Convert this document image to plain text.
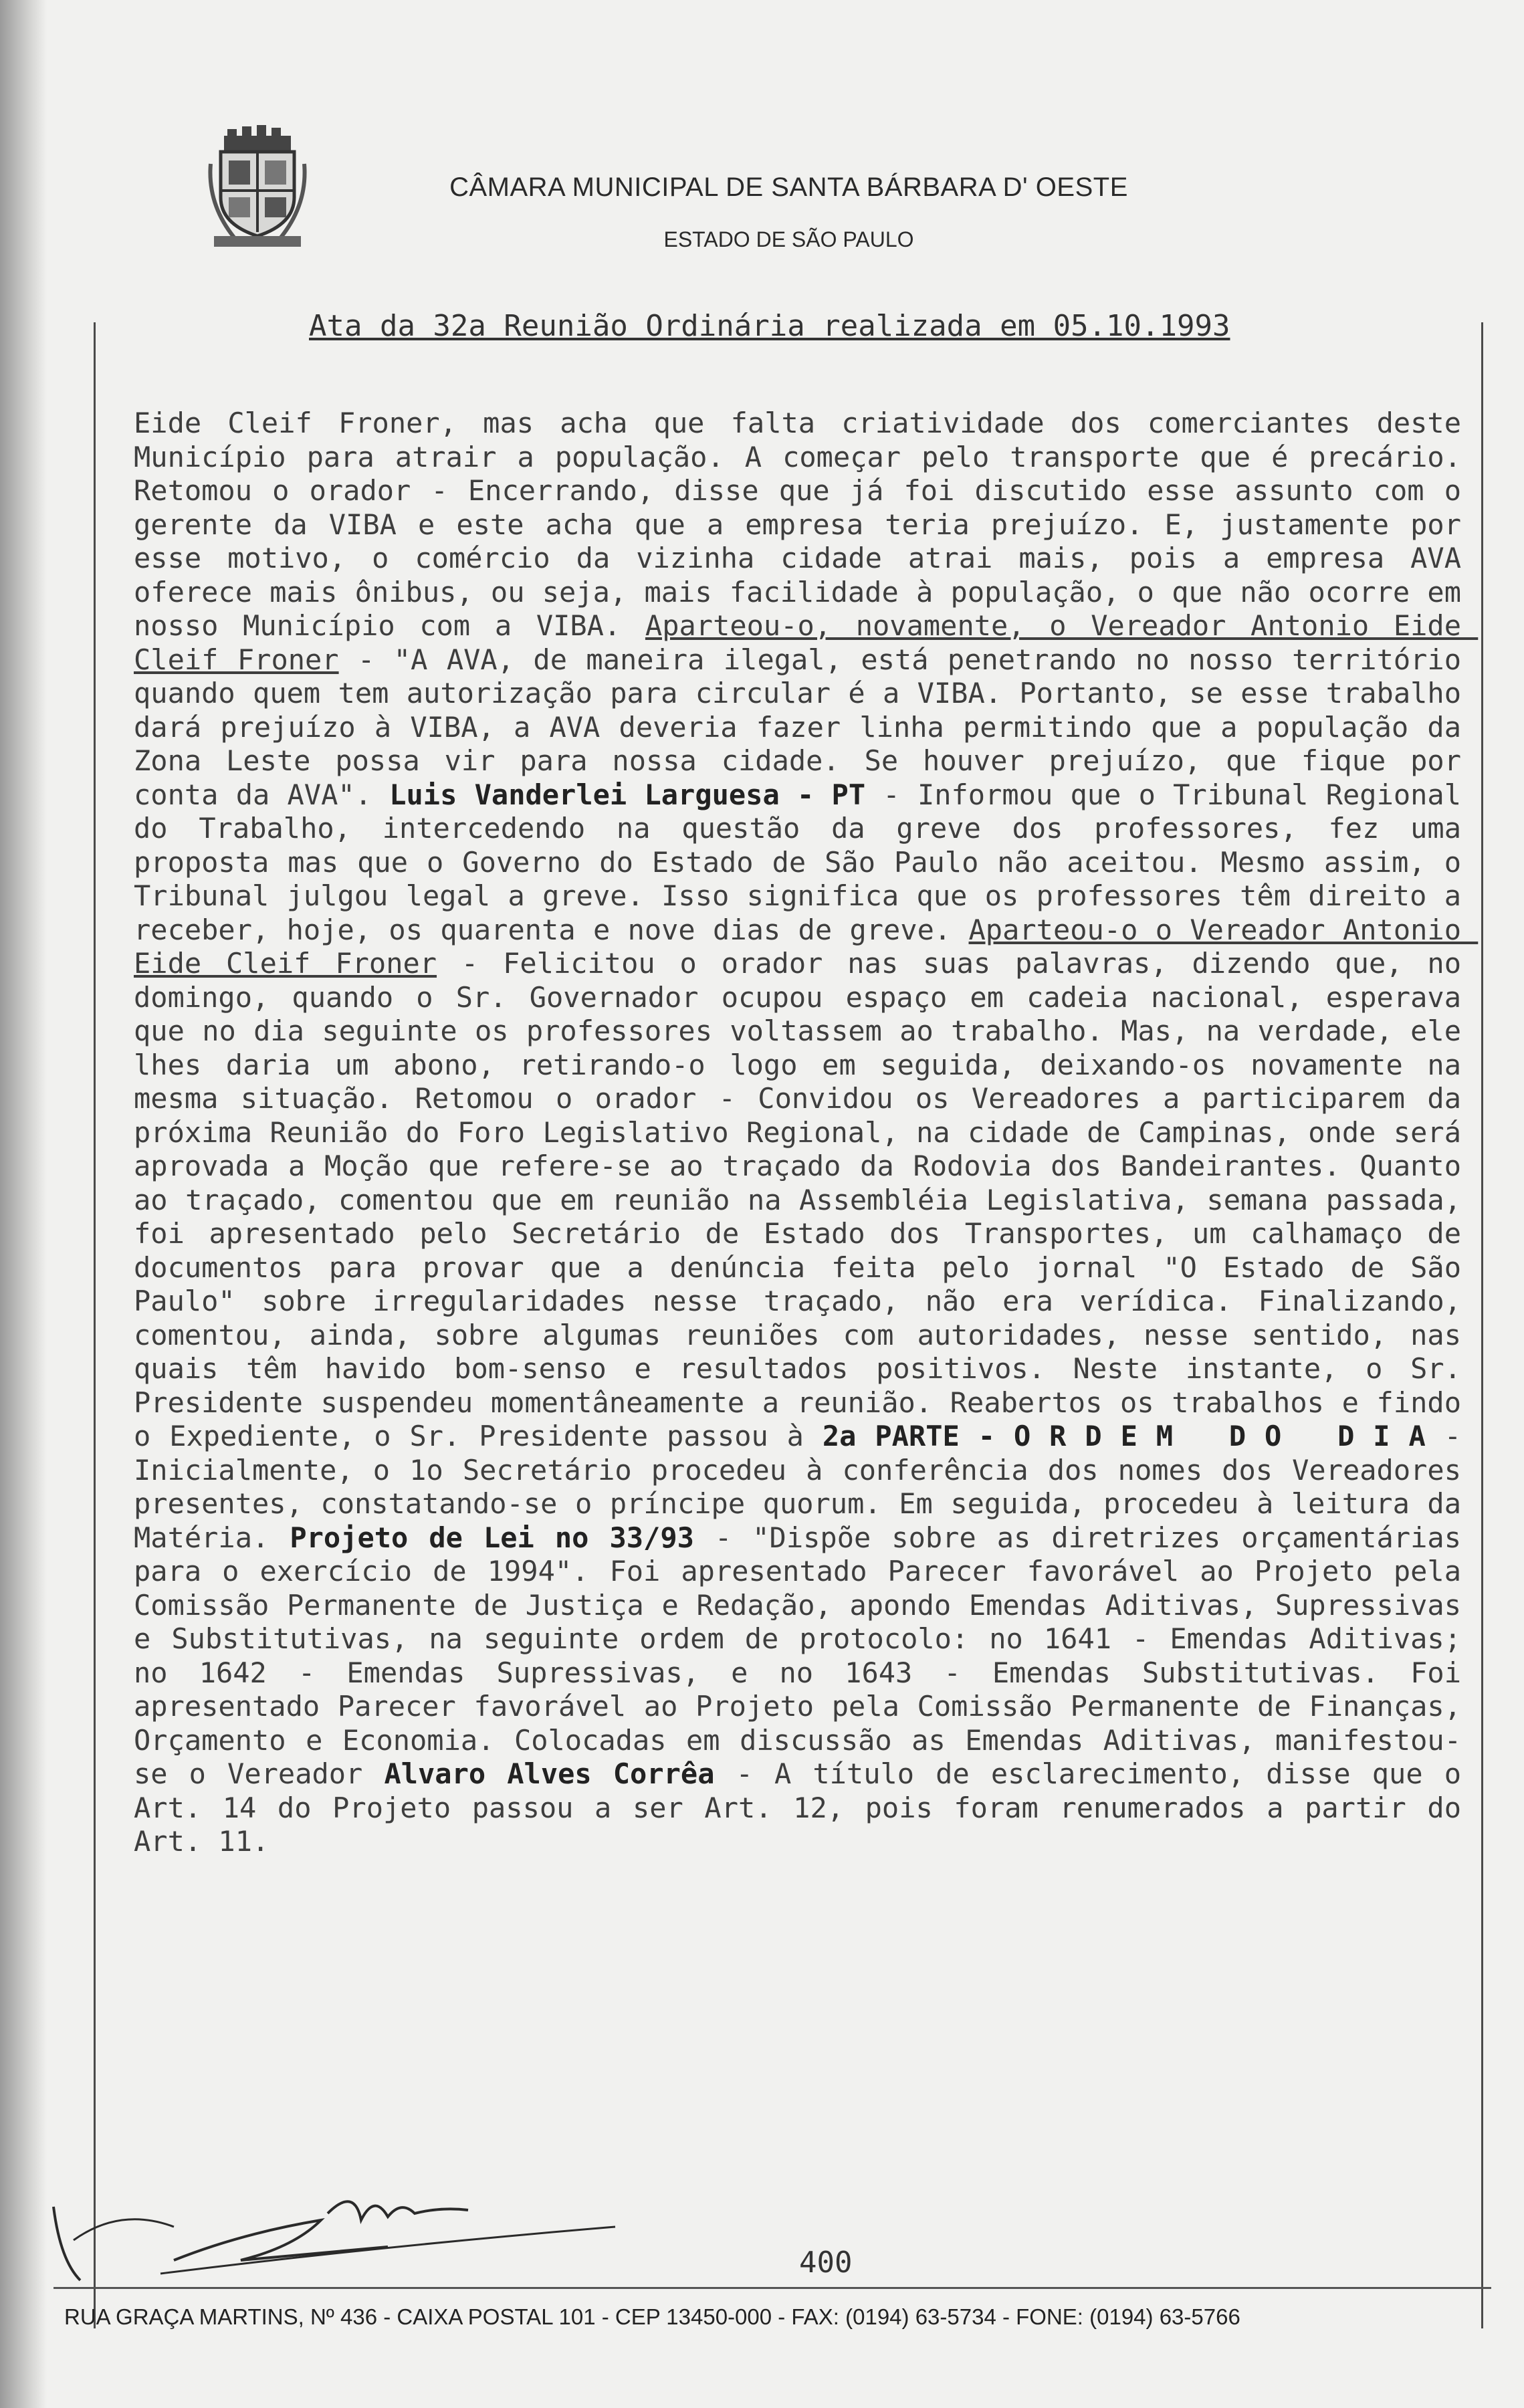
CÂMARA MUNICIPAL DE SANTA BÁRBARA D' OESTE
ESTADO DE SÃO PAULO
Ata da 32a Reunião Ordinária realizada em 05.10.1993
Eide Cleif Froner, mas acha que falta criatividade dos comerciantes deste Município para atrair a população. A começar pelo transporte que é precário. Retomou o orador - Encerrando, disse que já foi discutido esse assunto com o gerente da VIBA e este acha que a empresa teria prejuízo. E, justamente por esse motivo, o comércio da vizinha cidade atrai mais, pois a empresa AVA oferece mais ônibus, ou seja, mais facilidade à população, o que não ocorre em nosso Município com a VIBA. Aparteou-o, novamente, o Vereador Antonio Eide Cleif Froner - "A AVA, de maneira ilegal, está penetrando no nosso território quando quem tem autorização para circular é a VIBA. Portanto, se esse trabalho dará prejuízo à VIBA, a AVA deveria fazer linha permitindo que a população da Zona Leste possa vir para nossa cidade. Se houver prejuízo, que fique por conta da AVA". Luis Vanderlei Larguesa - PT - Informou que o Tribunal Regional do Trabalho, intercedendo na questão da greve dos professores, fez uma proposta mas que o Governo do Estado de São Paulo não aceitou. Mesmo assim, o Tribunal julgou legal a greve. Isso significa que os professores têm direito a receber, hoje, os quarenta e nove dias de greve. Aparteou-o o Vereador Antonio Eide Cleif Froner - Felicitou o orador nas suas palavras, dizendo que, no domingo, quando o Sr. Governador ocupou espaço em cadeia nacional, esperava que no dia seguinte os professores voltassem ao trabalho. Mas, na verdade, ele lhes daria um abono, retirando-o logo em seguida, deixando-os novamente na mesma situação. Retomou o orador - Convidou os Vereadores a participarem da próxima Reunião do Foro Legislativo Regional, na cidade de Campinas, onde será aprovada a Moção que refere-se ao traçado da Rodovia dos Bandeirantes. Quanto ao traçado, comentou que em reunião na Assembléia Legislativa, semana passada, foi apresentado pelo Secretário de Estado dos Transportes, um calhamaço de documentos para provar que a denúncia feita pelo jornal "O Estado de São Paulo" sobre irregularidades nesse traçado, não era verídica. Finalizando, comentou, ainda, sobre algumas reuniões com autoridades, nesse sentido, nas quais têm havido bom-senso e resultados positivos. Neste instante, o Sr. Presidente suspendeu momentâneamente a reunião. Reabertos os trabalhos e findo o Expediente, o Sr. Presidente passou à 2a PARTE - O R D E M   D O   D I A - Inicialmente, o 1o Secretário procedeu à conferência dos nomes dos Vereadores presentes, constatando-se o príncipe quorum. Em seguida, procedeu à leitura da Matéria. Projeto de Lei no 33/93 - "Dispõe sobre as diretrizes orçamentárias para o exercício de 1994". Foi apresentado Parecer favorável ao Projeto pela Comissão Permanente de Justiça e Redação, apondo Emendas Aditivas, Supressivas e Substitutivas, na seguinte ordem de protocolo: no 1641 - Emendas Aditivas; no 1642 - Emendas Supressivas, e no 1643 - Emendas Substitutivas. Foi apresentado Parecer favorável ao Projeto pela Comissão Permanente de Finanças, Orçamento e Economia. Colocadas em discussão as Emendas Aditivas, manifestou-se o Vereador Alvaro Alves Corrêa - A título de esclarecimento, disse que o Art. 14 do Projeto passou a ser Art. 12, pois foram renumerados a partir do Art. 11.
400
RUA GRAÇA MARTINS, Nº 436 - CAIXA POSTAL 101 - CEP 13450-000 - FAX: (0194) 63-5734 - FONE: (0194) 63-5766
